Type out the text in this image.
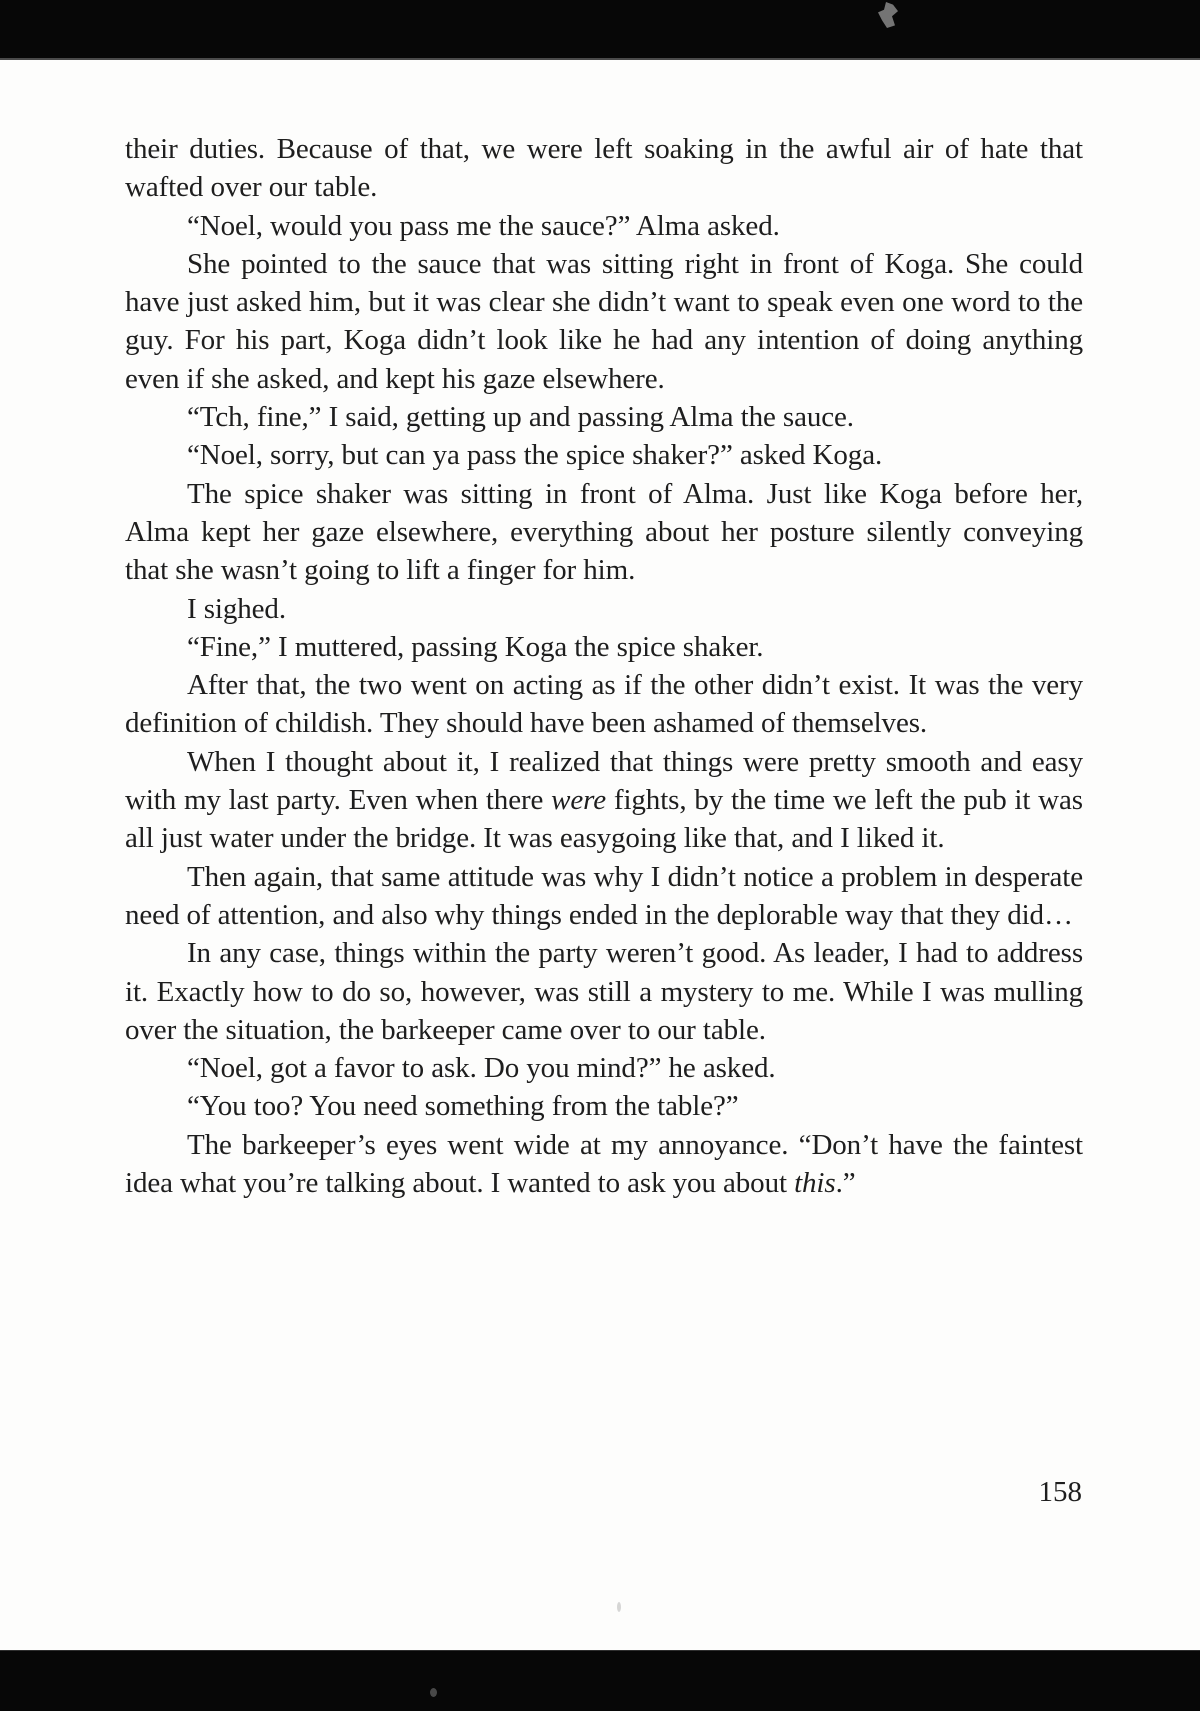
their duties. Because of that, we were left soaking in the awful air of hate that wafted over our table.

“Noel, would you pass me the sauce?” Alma asked.

She pointed to the sauce that was sitting right in front of Koga. She could have just asked him, but it was clear she didn’t want to speak even one word to the guy. For his part, Koga didn’t look like he had any intention of doing anything even if she asked, and kept his gaze elsewhere.

“Tch, fine,” I said, getting up and passing Alma the sauce.

“Noel, sorry, but can ya pass the spice shaker?” asked Koga.

The spice shaker was sitting in front of Alma. Just like Koga before her, Alma kept her gaze elsewhere, everything about her posture silently conveying that she wasn’t going to lift a finger for him.

I sighed.

“Fine,” I muttered, passing Koga the spice shaker.

After that, the two went on acting as if the other didn’t exist. It was the very definition of childish. They should have been ashamed of themselves.

When I thought about it, I realized that things were pretty smooth and easy with my last party. Even when there were fights, by the time we left the pub it was all just water under the bridge. It was easygoing like that, and I liked it.

Then again, that same attitude was why I didn’t notice a problem in desperate need of attention, and also why things ended in the deplorable way that they did…

In any case, things within the party weren’t good. As leader, I had to address it. Exactly how to do so, however, was still a mystery to me. While I was mulling over the situation, the barkeeper came over to our table.

“Noel, got a favor to ask. Do you mind?” he asked.

“You too? You need something from the table?”

The barkeeper’s eyes went wide at my annoyance. “Don’t have the faintest idea what you’re talking about. I wanted to ask you about this.”

158
